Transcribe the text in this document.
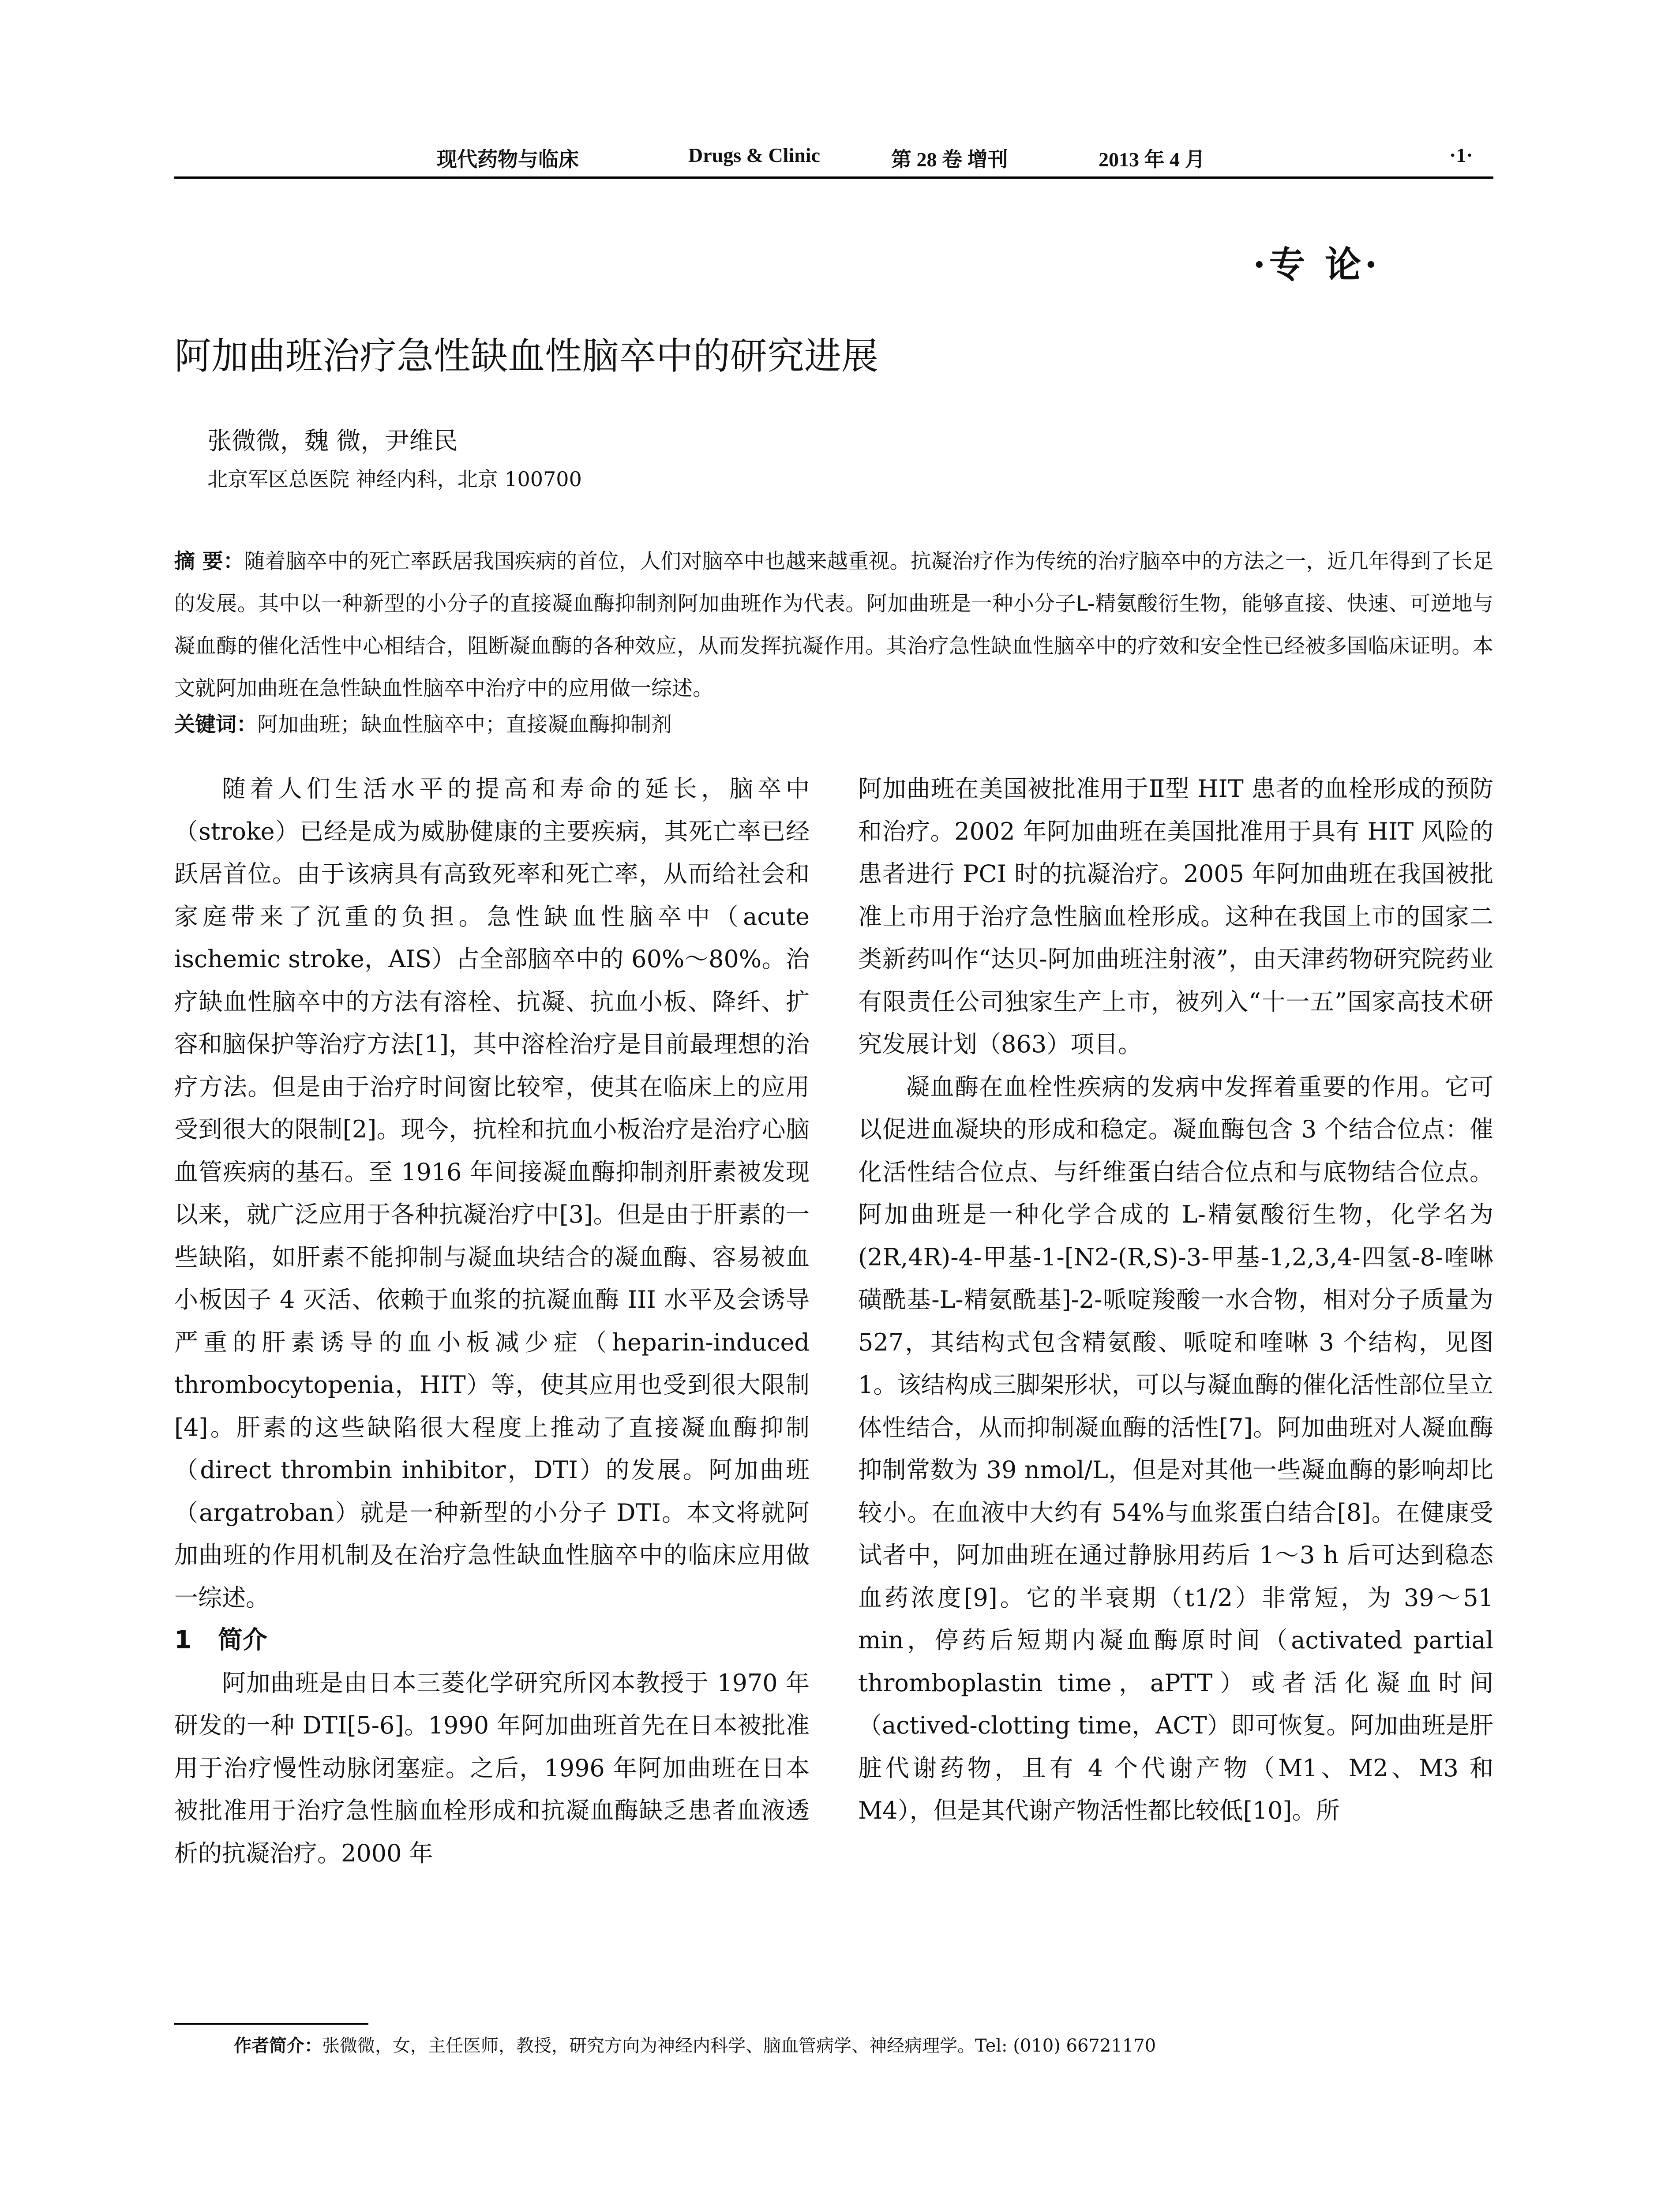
现代药物与临床	Drugs & Clinic	第 28 卷 增刊	2013 年 4 月	·1·
·专 论·
阿加曲班治疗急性缺血性脑卒中的研究进展
张微微，魏 微，尹维民
北京军区总医院 神经内科，北京 100700
摘 要：随着脑卒中的死亡率跃居我国疾病的首位，人们对脑卒中也越来越重视。抗凝治疗作为传统的治疗脑卒中的方法之一，近几年得到了长足的发展。其中以一种新型的小分子的直接凝血酶抑制剂阿加曲班作为代表。阿加曲班是一种小分子L-精氨酸衍生物，能够直接、快速、可逆地与凝血酶的催化活性中心相结合，阻断凝血酶的各种效应，从而发挥抗凝作用。其治疗急性缺血性脑卒中的疗效和安全性已经被多国临床证明。本文就阿加曲班在急性缺血性脑卒中治疗中的应用做一综述。
关键词：阿加曲班；缺血性脑卒中；直接凝血酶抑制剂

随着人们生活水平的提高和寿命的延长，脑卒中（stroke）已经是成为威胁健康的主要疾病，其死亡率已经跃居首位。由于该病具有高致死率和死亡率，从而给社会和家庭带来了沉重的负担。急性缺血性脑卒中（acute ischemic stroke，AIS）占全部脑卒中的 60%～80%。治疗缺血性脑卒中的方法有溶栓、抗凝、抗血小板、降纤、扩容和脑保护等治疗方法[1]，其中溶栓治疗是目前最理想的治疗方法。但是由于治疗时间窗比较窄，使其在临床上的应用受到很大的限制[2]。现今，抗栓和抗血小板治疗是治疗心脑血管疾病的基石。至 1916 年间接凝血酶抑制剂肝素被发现以来，就广泛应用于各种抗凝治疗中[3]。但是由于肝素的一些缺陷，如肝素不能抑制与凝血块结合的凝血酶、容易被血小板因子 4 灭活、依赖于血浆的抗凝血酶 III 水平及会诱导严重的肝素诱导的血小板减少症（heparin-induced thrombocytopenia，HIT）等，使其应用也受到很大限制[4]。肝素的这些缺陷很大程度上推动了直接凝血酶抑制（direct thrombin inhibitor，DTI）的发展。阿加曲班（argatroban）就是一种新型的小分子 DTI。本文将就阿加曲班的作用机制及在治疗急性缺血性脑卒中的临床应用做一综述。

1 简介

阿加曲班是由日本三菱化学研究所冈本教授于 1970 年研发的一种 DTI[5-6]。1990 年阿加曲班首先在日本被批准用于治疗慢性动脉闭塞症。之后，1996 年阿加曲班在日本被批准用于治疗急性脑血栓形成和抗凝血酶缺乏患者血液透析的抗凝治疗。2000 年

阿加曲班在美国被批准用于Ⅱ型 HIT 患者的血栓形成的预防和治疗。2002 年阿加曲班在美国批准用于具有 HIT 风险的患者进行 PCI 时的抗凝治疗。2005 年阿加曲班在我国被批准上市用于治疗急性脑血栓形成。这种在我国上市的国家二类新药叫作“达贝-阿加曲班注射液”，由天津药物研究院药业有限责任公司独家生产上市，被列入“十一五”国家高技术研究发展计划（863）项目。

凝血酶在血栓性疾病的发病中发挥着重要的作用。它可以促进血凝块的形成和稳定。凝血酶包含 3 个结合位点：催化活性结合位点、与纤维蛋白结合位点和与底物结合位点。阿加曲班是一种化学合成的 L-精氨酸衍生物，化学名为(2R,4R)-4-甲基-1-[N2-(R,S)-3-甲基-1,2,3,4-四氢-8-喹啉磺酰基-L-精氨酰基]-2-哌啶羧酸一水合物，相对分子质量为 527，其结构式包含精氨酸、哌啶和喹啉 3 个结构，见图 1。该结构成三脚架形状，可以与凝血酶的催化活性部位呈立体性结合，从而抑制凝血酶的活性[7]。阿加曲班对人凝血酶抑制常数为 39 nmol/L，但是对其他一些凝血酶的影响却比较小。在血液中大约有 54%与血浆蛋白结合[8]。在健康受试者中，阿加曲班在通过静脉用药后 1～3 h 后可达到稳态血药浓度[9]。它的半衰期（t1/2）非常短，为 39～51 min，停药后短期内凝血酶原时间（activated partial thromboplastin time，aPTT）或者活化凝血时间（actived-clotting time，ACT）即可恢复。阿加曲班是肝脏代谢药物，且有 4 个代谢产物（M1、M2、M3 和 M4），但是其代谢产物活性都比较低[10]。所

作者简介：张微微，女，主任医师，教授，研究方向为神经内科学、脑血管病学、神经病理学。Tel: (010) 66721170
